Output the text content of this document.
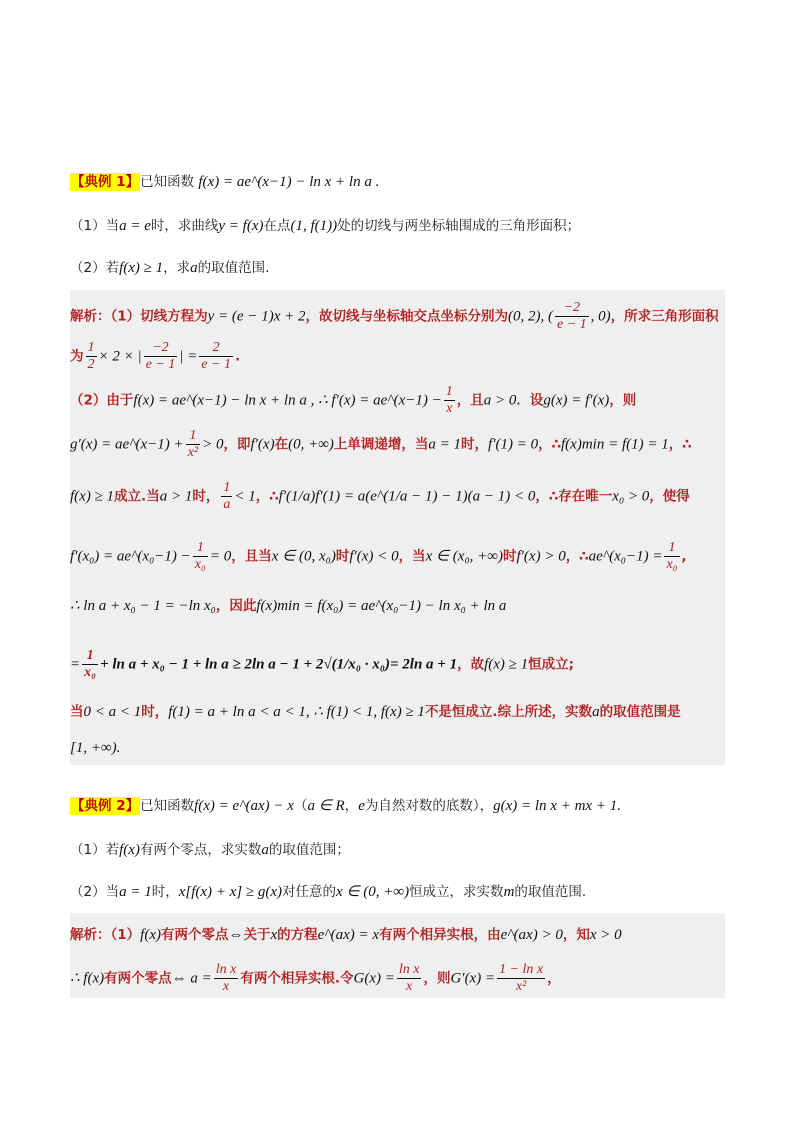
【典例 1】已知函数 f(x) = ae^(x−1) − ln x + ln a .
（1）当a = e时，求曲线y = f(x)在点(1, f(1))处的切线与两坐标轴围成的三角形面积；
（2）若f(x) ≥ 1，求a的取值范围.
解析：（1）切线方程为y = (e − 1)x + 2，故切线与坐标轴交点坐标分别为(0, 2), ( $\frac{-2}{e - 1}$ , 0)，所求三角形面积
为 $\frac{1}{2} \times 2$ × | $\frac{-2}{e - 1}$ | = $\frac{2}{e - 1}$ .
（2）由于f(x) = ae^(x−1) − ln x + ln a , ∴ f′(x) = ae^(x−1) − $\frac{1}{x}$ ，且a > 0．设g(x) = f′(x)，则
g′(x) = ae^(x−1) + $\frac{1}{\text{x²}} > 0$，即f′(x)在(0, +∞)上单调递增，当a = 1时，f′(1) = 0，∴f(x)min = f(1) = 1，∴
f(x) ≥ 1成立.当a > 1时， $\frac{1}{a} < 1$，∴f′(1/a)f′(1) = a(e^(1/a − 1) − 1)(a − 1) < 0，∴存在唯一x₀ > 0，使得
f′(x₀) = ae^(x₀−1) − $\frac{1}{\text{x₀}} = 0$，且当x ∈ (0, x₀)时f′(x) < 0，当x ∈ (x₀, +∞)时f′(x) > 0，∴ae^(x₀−1) = $\frac{1}{\text{x₀}}$ ,
∴ ln a + x₀ − 1 = −ln x₀，因此f(x)min = f(x₀) = ae^(x₀−1) − ln x₀ + ln a
= $\frac{1}{\text{x₀}} + \ln a + x_0 - 1 + \ln a \ge 2\ln$ a − 1 + 2√(1/x₀ · x₀)= 2ln a + 1，故f(x) ≥ 1恒成立;
当0 < a < 1时，f(1) = a + ln a < a < 1, ∴ f(1) < 1, f(x) ≥ 1不是恒成立.综上所述，实数a的取值范围是
[1, +∞).
【典例 2】已知函数f(x) = e^(ax) − x（a ∈ R，e为自然对数的底数），g(x) = ln x + mx + 1.
（1）若f(x)有两个零点，求实数a的取值范围；
（2）当a = 1时，x[f(x) + x] ≥ g(x)对任意的x ∈ (0, +∞)恒成立，求实数m的取值范围.
解析：（1）f(x)有两个零点⇔关于x的方程e^(ax) = x有两个相异实根，由e^(ax) > 0，知x > 0
∴ f(x)有两个零点⇔ $a = \frac{\text{ln x}}{x}$ 有两个相异实根.令$G(x) = \frac{\text{ln x}}{x}$ ，则$G'(x) = \frac{\text{1 − ln x}}{\text{x²}}$ ，
